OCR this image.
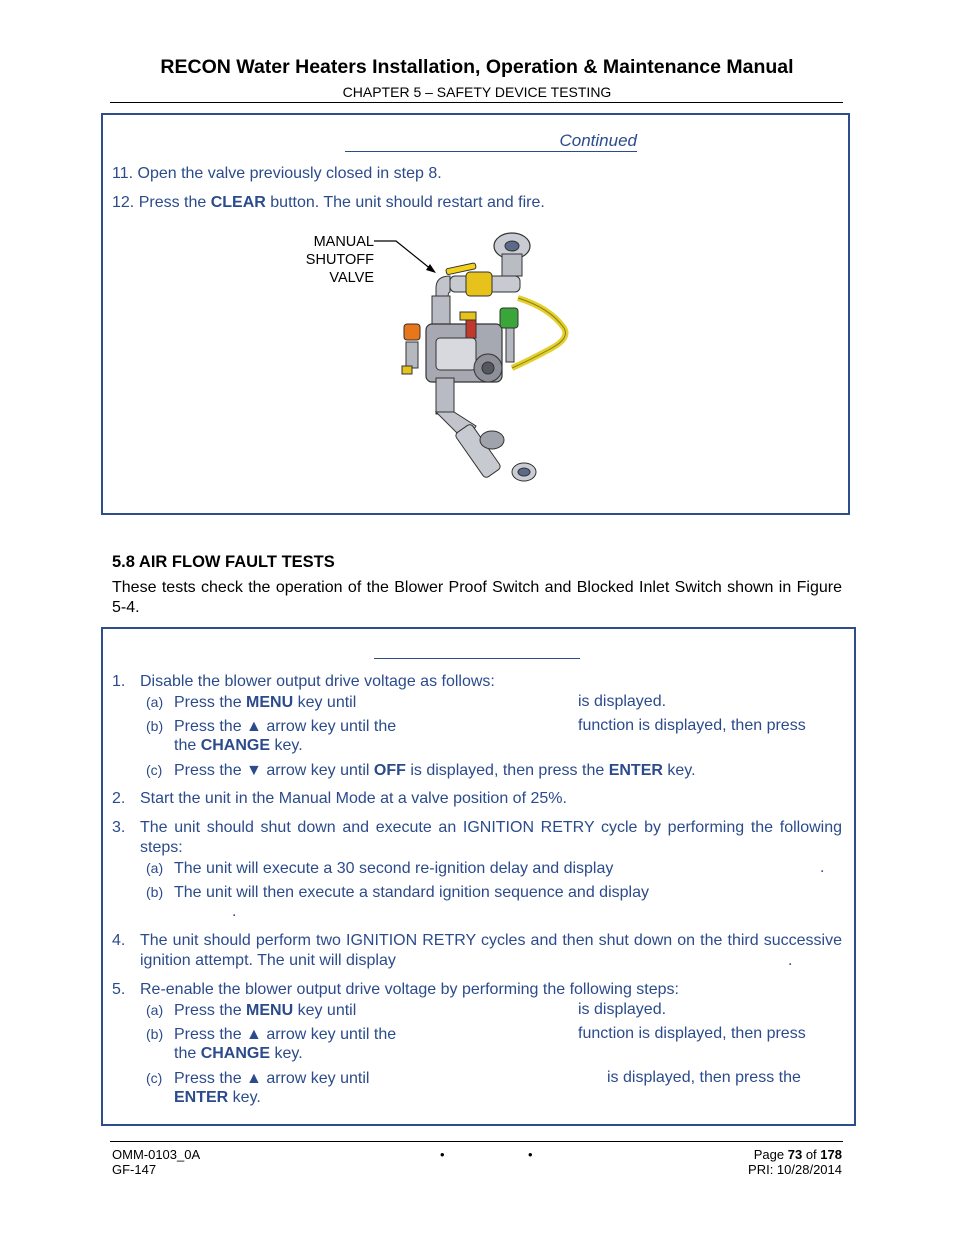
RECON Water Heaters Installation, Operation & Maintenance Manual
CHAPTER 5 – SAFETY DEVICE TESTING
Continued
11. Open the valve previously closed in step 8.
12. Press the CLEAR button. The unit should restart and fire.
MANUAL
SHUTOFF
VALVE
5.8 AIR FLOW FAULT TESTS
These tests check the operation of the Blower Proof Switch and Blocked Inlet Switch shown in Figure 5-4.
1. Disable the blower output drive voltage as follows:
(a) Press the MENU key until	is displayed.
(b) Press the ▲ arrow key until the	function is displayed, then press
the CHANGE key.
(c) Press the ▼ arrow key until OFF is displayed, then press the ENTER key.
2. Start the unit in the Manual Mode at a valve position of 25%.
3. The unit should shut down and execute an IGNITION RETRY cycle by performing the following steps:
(a) The unit will execute a 30 second re-ignition delay and display	.
(b) The unit will then execute a standard ignition sequence and display
.
4. The unit should perform two IGNITION RETRY cycles and then shut down on the third successive ignition attempt. The unit will display	.
5. Re-enable the blower output drive voltage by performing the following steps:
(a) Press the MENU key until	is displayed.
(b) Press the ▲ arrow key until the	function is displayed, then press
the CHANGE key.
(c) Press the ▲ arrow key until	is displayed, then press the
ENTER key.
OMM-0103_0A
GF-147
•	•	Page 73 of 178
PRI: 10/28/2014
